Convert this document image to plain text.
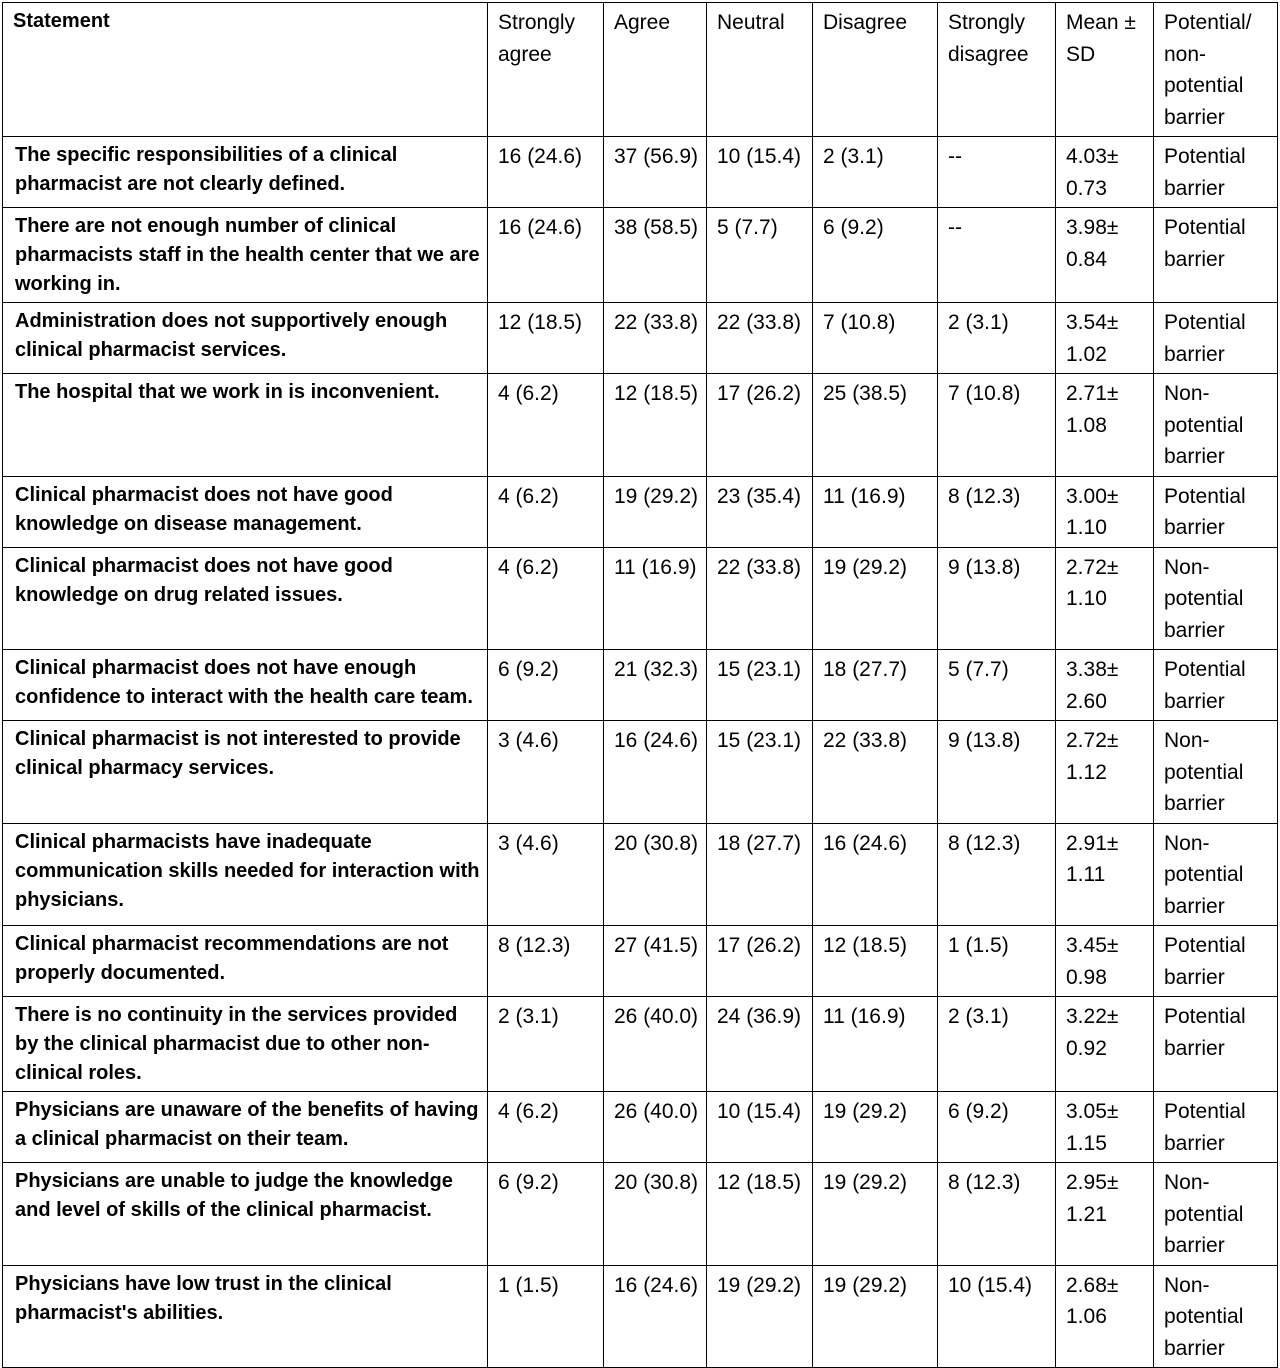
Statement	Strongly agree	Agree	Neutral	Disagree	Strongly disagree	Mean ± SD	Potential/ non-potential barrier
The specific responsibilities of a clinical pharmacist are not clearly defined.	16 (24.6)	37 (56.9)	10 (15.4)	2 (3.1)	--	4.03± 0.73	Potential barrier
There are not enough number of clinical pharmacists staff in the health center that we are working in.	16 (24.6)	38 (58.5)	5 (7.7)	6 (9.2)	--	3.98± 0.84	Potential barrier
Administration does not supportively enough clinical pharmacist services.	12 (18.5)	22 (33.8)	22 (33.8)	7 (10.8)	2 (3.1)	3.54± 1.02	Potential barrier
The hospital that we work in is inconvenient.	4 (6.2)	12 (18.5)	17 (26.2)	25 (38.5)	7 (10.8)	2.71± 1.08	Non-potential barrier
Clinical pharmacist does not have good knowledge on disease management.	4 (6.2)	19 (29.2)	23 (35.4)	11 (16.9)	8 (12.3)	3.00± 1.10	Potential barrier
Clinical pharmacist does not have good knowledge on drug related issues.	4 (6.2)	11 (16.9)	22 (33.8)	19 (29.2)	9 (13.8)	2.72± 1.10	Non-potential barrier
Clinical pharmacist does not have enough confidence to interact with the health care team.	6 (9.2)	21 (32.3)	15 (23.1)	18 (27.7)	5 (7.7)	3.38± 2.60	Potential barrier
Clinical pharmacist is not interested to provide clinical pharmacy services.	3 (4.6)	16 (24.6)	15 (23.1)	22 (33.8)	9 (13.8)	2.72± 1.12	Non-potential barrier
Clinical pharmacists have inadequate communication skills needed for interaction with physicians.	3 (4.6)	20 (30.8)	18 (27.7)	16 (24.6)	8 (12.3)	2.91± 1.11	Non-potential barrier
Clinical pharmacist recommendations are not properly documented.	8 (12.3)	27 (41.5)	17 (26.2)	12 (18.5)	1 (1.5)	3.45± 0.98	Potential barrier
There is no continuity in the services provided by the clinical pharmacist due to other non-clinical roles.	2 (3.1)	26 (40.0)	24 (36.9)	11 (16.9)	2 (3.1)	3.22± 0.92	Potential barrier
Physicians are unaware of the benefits of having a clinical pharmacist on their team.	4 (6.2)	26 (40.0)	10 (15.4)	19 (29.2)	6 (9.2)	3.05± 1.15	Potential barrier
Physicians are unable to judge the knowledge and level of skills of the clinical pharmacist.	6 (9.2)	20 (30.8)	12 (18.5)	19 (29.2)	8 (12.3)	2.95± 1.21	Non-potential barrier
Physicians have low trust in the clinical pharmacist's abilities.	1 (1.5)	16 (24.6)	19 (29.2)	19 (29.2)	10 (15.4)	2.68± 1.06	Non-potential barrier
